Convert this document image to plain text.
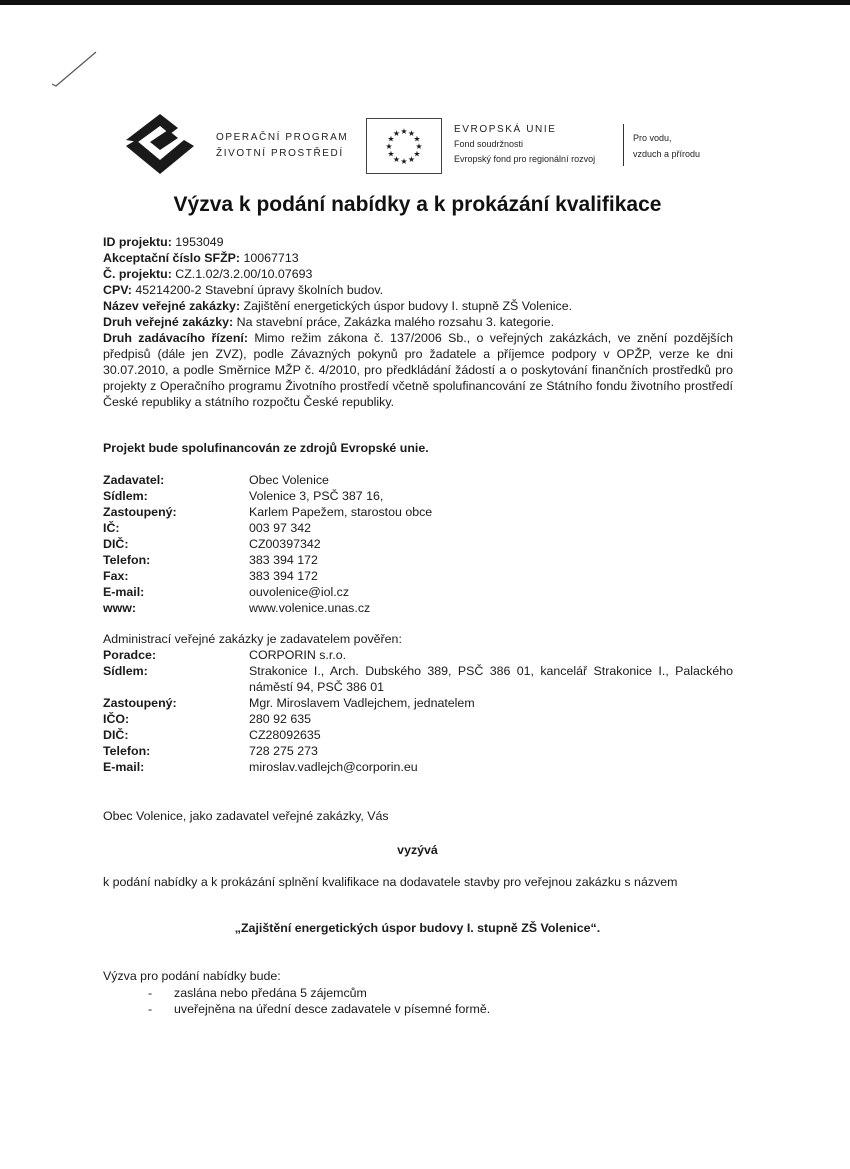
OPERAČNÍ PROGRAM
ŽIVOTNÍ PROSTŘEDÍ
★ ★
★
★
★
★
★
★
★
★
★
★	EVROPSKÁ UNIE
Fond soudržnosti
Evropský fond pro regionální rozvoj
Pro vodu,
vzduch a přírodu
Výzva k podání nabídky a k prokázání kvalifikace

ID projektu: 1953049

Akceptační číslo SFŽP: 10067713

Č. projektu: CZ.1.02/3.2.00/10.07693

CPV: 45214200-2 Stavební úpravy školních budov.

Název veřejné zakázky: Zajištění energetických úspor budovy I. stupně ZŠ Volenice.

Druh veřejné zakázky: Na stavební práce, Zakázka malého rozsahu 3. kategorie.

Druh zadávacího řízení: Mimo režim zákona č. 137/2006 Sb., o veřejných zakázkách, ve znění pozdějších předpisů (dále jen ZVZ), podle Závazných pokynů pro žadatele a příjemce podpory v OPŽP, verze ke dni 30.07.2010, a podle Směrnice MŽP č. 4/2010, pro předkládání žádostí a o poskytování finančních prostředků pro projekty z Operačního programu Životního prostředí včetně spolufinancování ze Státního fondu životního prostředí České republiky a státního rozpočtu České republiky.

Projekt bude spolufinancován ze zdrojů Evropské unie.
Zadavatel:	Obec Volenice
Sídlem:	Volenice 3, PSČ 387 16,
Zastoupený:	Karlem Papežem, starostou obce
IČ:	003 97 342
DIČ:	CZ00397342
Telefon:	383 394 172
Fax:	383 394 172
E-mail:	ouvolenice@iol.cz
www:	www.volenice.unas.cz
Administrací veřejné zakázky je zadavatelem pověřen:
Poradce:	CORPORIN s.r.o.
Sídlem:	Strakonice I., Arch. Dubského 389, PSČ 386 01, kancelář Strakonice I., Palackého náměstí 94, PSČ 386 01
Zastoupený:	Mgr. Miroslavem Vadlejchem, jednatelem
IČO:	280 92 635
DIČ:	CZ28092635
Telefon:	728 275 273
E-mail:	miroslav.vadlejch@corporin.eu
Obec Volenice, jako zadavatel veřejné zakázky, Vás
vyzývá
k podání nabídky a k prokázání splnění kvalifikace na dodavatele stavby pro veřejnou zakázku s názvem
„Zajištění energetických úspor budovy I. stupně ZŠ Volenice“.
Výzva pro podání nabídky bude:
-	zaslána nebo předána 5 zájemcům
-	uveřejněna na úřední desce zadavatele v písemné formě.
